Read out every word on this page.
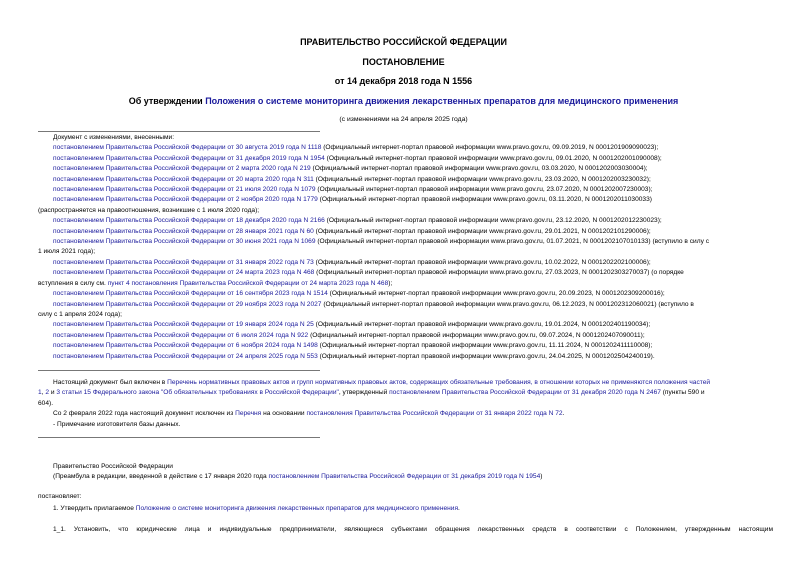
ПРАВИТЕЛЬСТВО РОССИЙСКОЙ ФЕДЕРАЦИИ
ПОСТАНОВЛЕНИЕ
от 14 декабря 2018 года N 1556
Об утверждении Положения о системе мониторинга движения лекарственных препаратов для медицинского применения
(с изменениями на 24 апреля 2025 года)
Документ с изменениями, внесенными:
постановлением Правительства Российской Федерации от 30 августа 2019 года N 1118 (Официальный интернет-портал правовой информации www.pravo.gov.ru, 09.09.2019, N 0001201909090023);
постановлением Правительства Российской Федерации от 31 декабря 2019 года N 1954 (Официальный интернет-портал правовой информации www.pravo.gov.ru, 09.01.2020, N 0001202001090008);
постановлением Правительства Российской Федерации от 2 марта 2020 года N 219 (Официальный интернет-портал правовой информации www.pravo.gov.ru, 03.03.2020, N 0001202003030004);
постановлением Правительства Российской Федерации от 20 марта 2020 года N 311 (Официальный интернет-портал правовой информации www.pravo.gov.ru, 23.03.2020, N 0001202003230032);
постановлением Правительства Российской Федерации от 21 июля 2020 года N 1079 (Официальный интернет-портал правовой информации www.pravo.gov.ru, 23.07.2020, N 0001202007230003);
постановлением Правительства Российской Федерации от 2 ноября 2020 года N 1779 (Официальный интернет-портал правовой информации www.pravo.gov.ru, 03.11.2020, N 0001202011030033)
(распространяется на правоотношения, возникшие с 1 июля 2020 года);
постановлением Правительства Российской Федерации от 18 декабря 2020 года N 2166 (Официальный интернет-портал правовой информации www.pravo.gov.ru, 23.12.2020, N 0001202012230023);
постановлением Правительства Российской Федерации от 28 января 2021 года N 60 (Официальный интернет-портал правовой информации www.pravo.gov.ru, 29.01.2021, N 0001202101290006);
постановлением Правительства Российской Федерации от 30 июня 2021 года N 1069 (Официальный интернет-портал правовой информации www.pravo.gov.ru, 01.07.2021, N 0001202107010133) (вступило в силу с
1 июля 2021 года);
постановлением Правительства Российской Федерации от 31 января 2022 года N 73 (Официальный интернет-портал правовой информации www.pravo.gov.ru, 10.02.2022, N 0001202202100006);
постановлением Правительства Российской Федерации от 24 марта 2023 года N 468 (Официальный интернет-портал правовой информации www.pravo.gov.ru, 27.03.2023, N 0001202303270037) (о порядке
вступления в силу см. пункт 4 постановления Правительства Российской Федерации от 24 марта 2023 года N 468);
постановлением Правительства Российской Федерации от 16 сентября 2023 года N 1514 (Официальный интернет-портал правовой информации www.pravo.gov.ru, 20.09.2023, N 0001202309200016);
постановлением Правительства Российской Федерации от 29 ноября 2023 года N 2027 (Официальный интернет-портал правовой информации www.pravo.gov.ru, 06.12.2023, N 0001202312060021) (вступило в
силу с 1 апреля 2024 года);
постановлением Правительства Российской Федерации от 19 января 2024 года N 25 (Официальный интернет-портал правовой информации www.pravo.gov.ru, 19.01.2024, N 0001202401190034);
постановлением Правительства Российской Федерации от 6 июля 2024 года N 922 (Официальный интернет-портал правовой информации www.pravo.gov.ru, 09.07.2024, N 0001202407090011);
постановлением Правительства Российской Федерации от 6 ноября 2024 года N 1498 (Официальный интернет-портал правовой информации www.pravo.gov.ru, 11.11.2024, N 0001202411110008);
постановлением Правительства Российской Федерации от 24 апреля 2025 года N 553 (Официальный интернет-портал правовой информации www.pravo.gov.ru, 24.04.2025, N 0001202504240019).
Настоящий документ был включен в Перечень нормативных правовых актов и групп нормативных правовых актов, содержащих обязательные требования, в отношении которых не применяются положения частей
1, 2 и 3 статьи 15 Федерального закона "Об обязательных требованиях в Российской Федерации", утвержденный постановлением Правительства Российской Федерации от 31 декабря 2020 года N 2467 (пункты 590 и
604).
Со 2 февраля 2022 года настоящий документ исключен из Перечня на основании постановления Правительства Российской Федерации от 31 января 2022 года N 72.
- Примечание изготовителя базы данных.
Правительство Российской Федерации
(Преамбула в редакции, введенной в действие с 17 января 2020 года постановлением Правительства Российской Федерации от 31 декабря 2019 года N 1954)
постановляет:
1. Утвердить прилагаемое Положение о системе мониторинга движения лекарственных препаратов для медицинского применения.
1_1. Установить, что юридические лица и индивидуальные предприниматели, являющиеся субъектами обращения лекарственных средств в соответствии с Положением, утвержденным настоящим
